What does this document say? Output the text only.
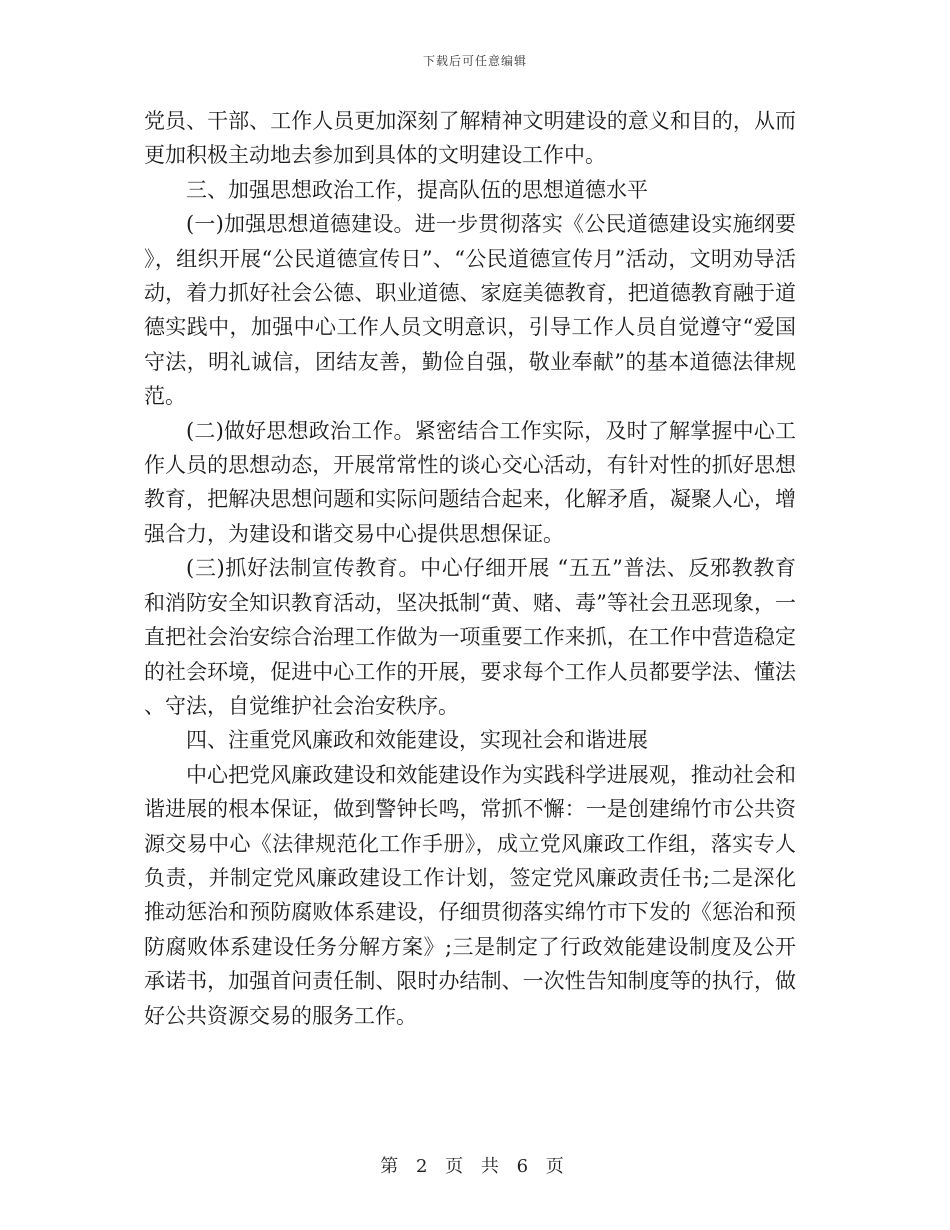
下载后可任意编辑

党员、干部、工作人员更加深刻了解精神文明建设的意义和目的，从而更加积极主动地去参加到具体的文明建设工作中。

三、加强思想政治工作，提高队伍的思想道德水平

(一)加强思想道德建设。进一步贯彻落实《公民道德建设实施纲要》，组织开展“公民道德宣传日”、“公民道德宣传月”活动，文明劝导活动，着力抓好社会公德、职业道德、家庭美德教育，把道德教育融于道德实践中，加强中心工作人员文明意识，引导工作人员自觉遵守“爱国守法，明礼诚信，团结友善，勤俭自强，敬业奉献”的基本道德法律规范。

(二)做好思想政治工作。紧密结合工作实际，及时了解掌握中心工作人员的思想动态，开展常常性的谈心交心活动，有针对性的抓好思想教育，把解决思想问题和实际问题结合起来，化解矛盾，凝聚人心，增强合力，为建设和谐交易中心提供思想保证。

(三)抓好法制宣传教育。中心仔细开展 “五五”普法、反邪教教育和消防安全知识教育活动，坚决抵制“黄、赌、毒”等社会丑恶现象，一直把社会治安综合治理工作做为一项重要工作来抓，在工作中营造稳定的社会环境，促进中心工作的开展，要求每个工作人员都要学法、懂法、守法，自觉维护社会治安秩序。

四、注重党风廉政和效能建设，实现社会和谐进展

中心把党风廉政建设和效能建设作为实践科学进展观，推动社会和谐进展的根本保证，做到警钟长鸣，常抓不懈：一是创建绵竹市公共资源交易中心《法律规范化工作手册》，成立党风廉政工作组，落实专人负责，并制定党风廉政建设工作计划，签定党风廉政责任书;二是深化推动惩治和预防腐败体系建设，仔细贯彻落实绵竹市下发的《惩治和预防腐败体系建设任务分解方案》;三是制定了行政效能建设制度及公开承诺书，加强首问责任制、限时办结制、一次性告知制度等的执行，做好公共资源交易的服务工作。

第 2 页 共 6 页
